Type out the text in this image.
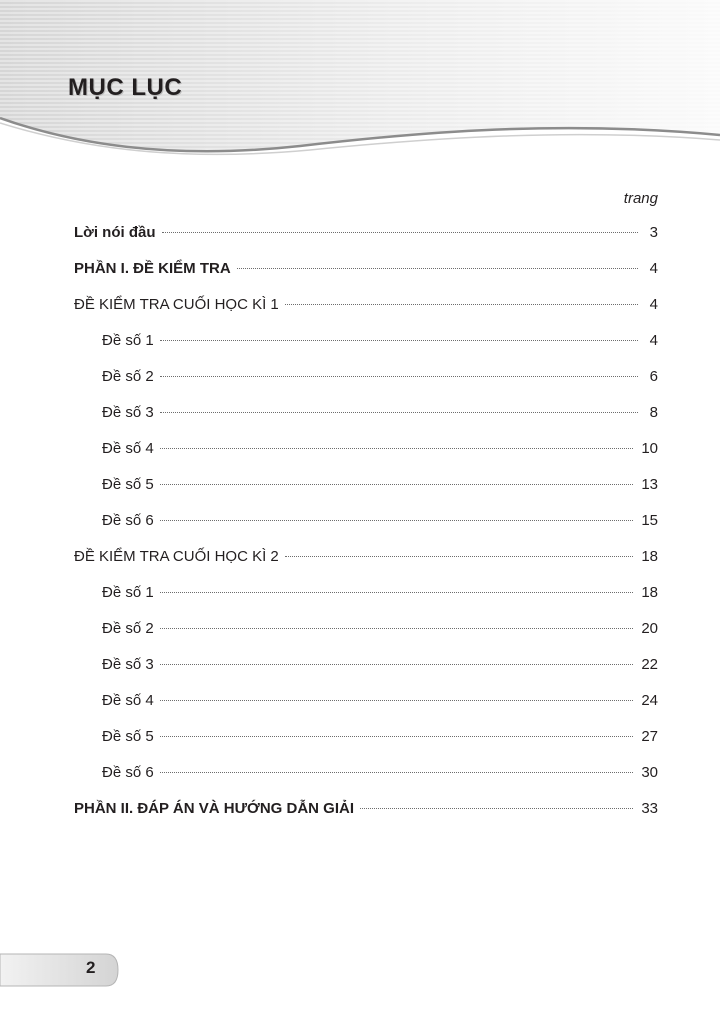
MỤC LỤC
trang
Lời nói đầu	3
PHẦN I. ĐỀ KIỂM TRA	4
ĐỀ KIỂM TRA CUỐI HỌC KÌ 1	4
Đề số 1	4
Đề số 2	6
Đề số 3	8
Đề số 4	10
Đề số 5	13
Đề số 6	15
ĐỀ KIỂM TRA CUỐI HỌC KÌ 2	18
Đề số 1	18
Đề số 2	20
Đề số 3	22
Đề số 4	24
Đề số 5	27
Đề số 6	30
PHẦN II. ĐÁP ÁN VÀ HƯỚNG DẪN GIẢI	33
2
